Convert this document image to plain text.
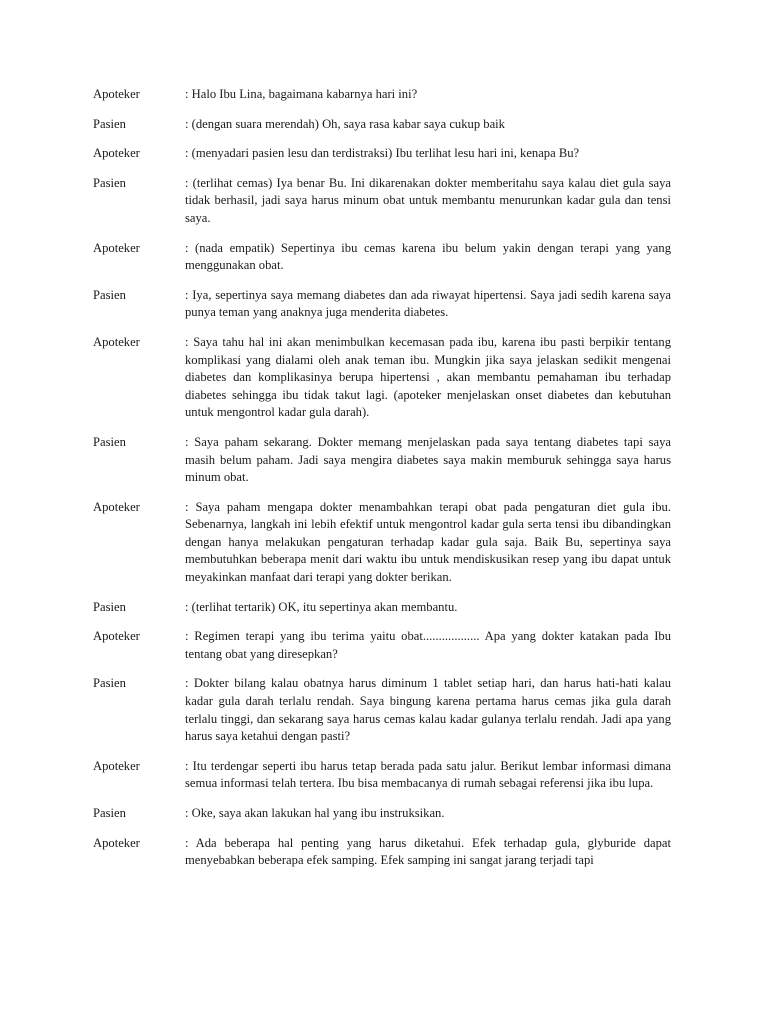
Apoteker	: Halo Ibu Lina, bagaimana kabarnya hari ini?
Pasien	: (dengan suara merendah) Oh, saya rasa kabar saya cukup baik
Apoteker	: (menyadari pasien lesu dan terdistraksi) Ibu terlihat lesu hari ini, kenapa Bu?
Pasien	: (terlihat cemas) Iya benar Bu. Ini dikarenakan dokter memberitahu saya kalau diet gula saya tidak berhasil, jadi saya harus minum obat untuk membantu menurunkan kadar gula dan tensi saya.
Apoteker	: (nada empatik) Sepertinya ibu cemas karena ibu belum yakin dengan terapi yang yang menggunakan obat.
Pasien	: Iya, sepertinya saya memang diabetes dan ada riwayat hipertensi. Saya jadi sedih karena saya punya teman yang anaknya juga menderita diabetes.
Apoteker	: Saya tahu hal ini akan menimbulkan kecemasan pada ibu, karena ibu pasti berpikir tentang komplikasi yang dialami oleh anak teman ibu. Mungkin jika saya jelaskan sedikit mengenai diabetes dan komplikasinya berupa hipertensi , akan membantu pemahaman ibu terhadap diabetes sehingga ibu tidak takut lagi. (apoteker menjelaskan onset diabetes dan kebutuhan untuk mengontrol kadar gula darah).
Pasien	: Saya paham sekarang. Dokter memang menjelaskan pada saya tentang diabetes tapi saya masih belum paham. Jadi saya mengira diabetes saya makin memburuk sehingga saya harus minum obat.
Apoteker	: Saya paham mengapa dokter menambahkan terapi obat pada pengaturan diet gula ibu. Sebenarnya, langkah ini lebih efektif untuk mengontrol kadar gula serta tensi ibu dibandingkan dengan hanya melakukan pengaturan terhadap kadar gula saja. Baik Bu, sepertinya saya membutuhkan beberapa menit dari waktu ibu untuk mendiskusikan resep yang ibu dapat untuk meyakinkan manfaat dari terapi yang dokter berikan.
Pasien	: (terlihat tertarik) OK, itu sepertinya akan membantu.
Apoteker	: Regimen terapi yang ibu terima yaitu obat.................. Apa yang dokter katakan pada Ibu tentang obat yang diresepkan?
Pasien	: Dokter bilang kalau obatnya harus diminum 1 tablet setiap hari, dan harus hati-hati kalau kadar gula darah terlalu rendah. Saya bingung karena pertama harus cemas jika gula darah terlalu tinggi, dan sekarang saya harus cemas kalau kadar gulanya terlalu rendah. Jadi apa yang harus saya ketahui dengan pasti?
Apoteker	: Itu terdengar seperti ibu harus tetap berada pada satu jalur. Berikut lembar informasi dimana semua informasi telah tertera. Ibu bisa membacanya di rumah sebagai referensi jika ibu lupa.
Pasien	: Oke, saya akan lakukan hal yang ibu instruksikan.
Apoteker	: Ada beberapa hal penting yang harus diketahui. Efek terhadap gula, glyburide dapat menyebabkan beberapa efek samping. Efek samping ini sangat jarang terjadi tapi
